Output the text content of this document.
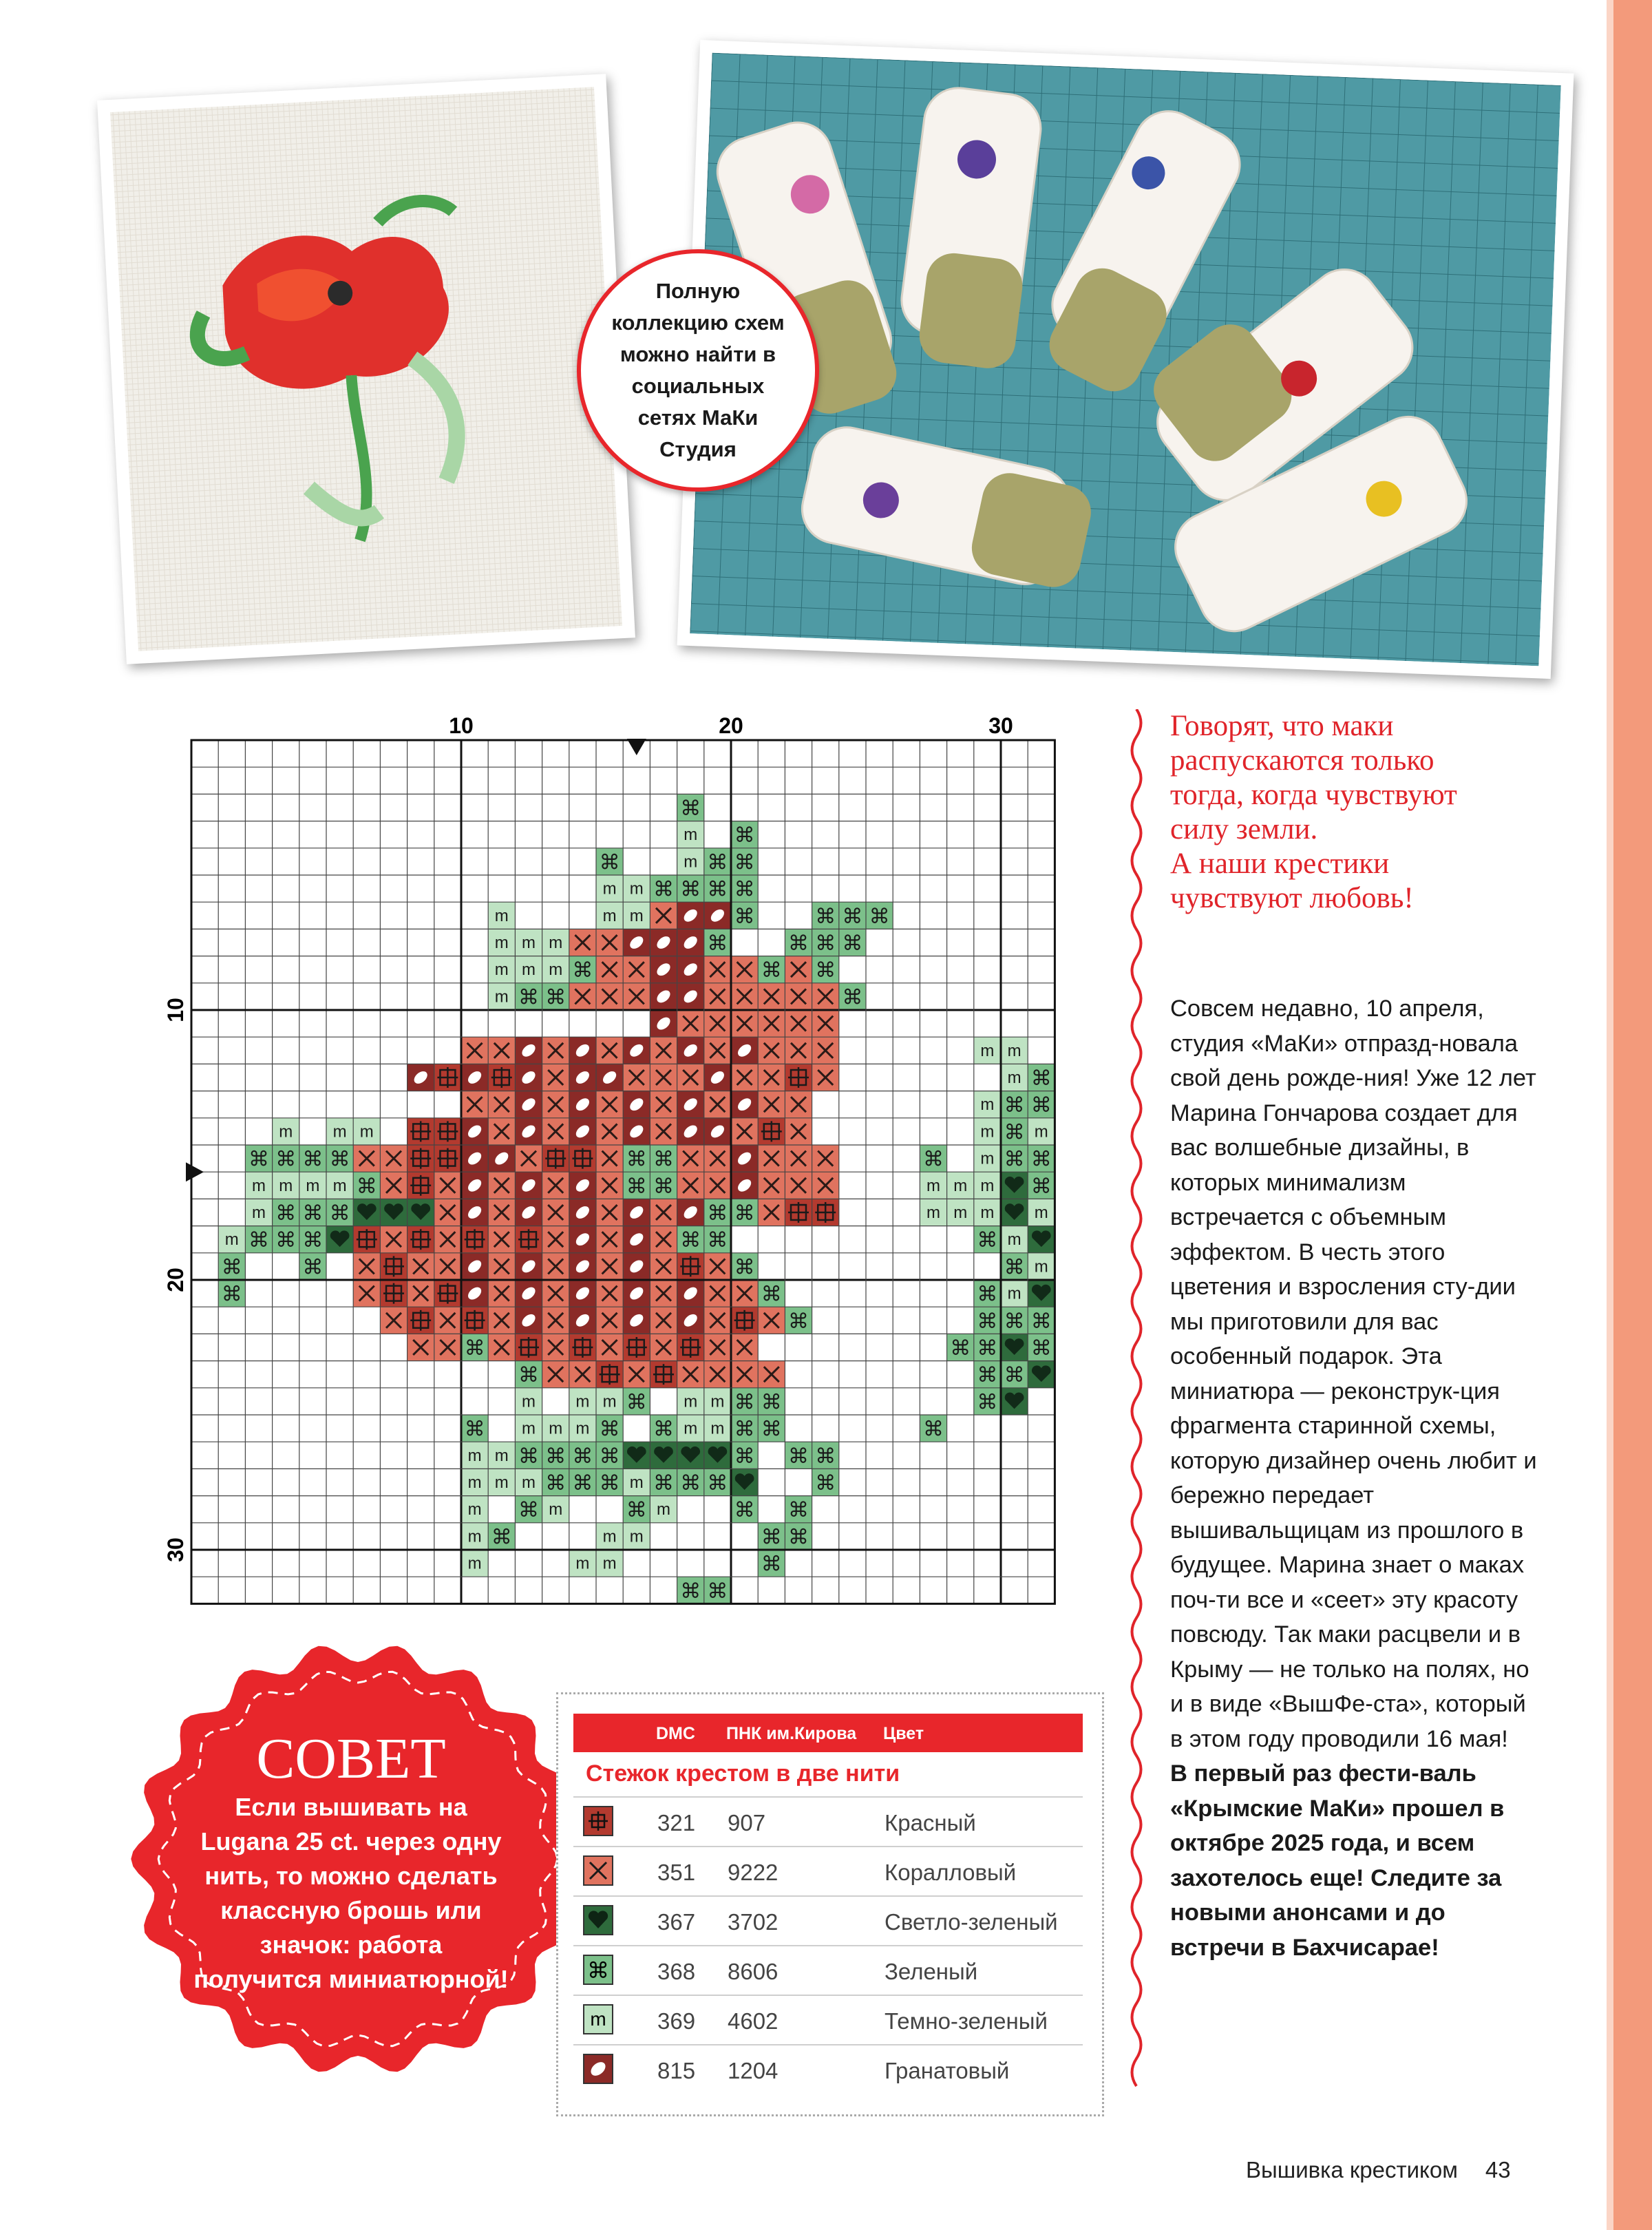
Полную коллекцию схем можно найти в социальных сетях МаКи Студия
⌘
m ⌘
⌘	m ⌘ ⌘
m m ⌘ ⌘ ⌘ ⌘
m	m m	⌘	⌘ ⌘ ⌘
m m m	⌘	⌘ ⌘ ⌘
m m m ⌘	⌘ ⌘
m ⌘ ⌘	⌘
m m
m ⌘
m ⌘ ⌘
m m m	m ⌘ m
⌘ ⌘ ⌘ ⌘	⌘ ⌘	⌘ m ⌘ ⌘
m m m m ⌘	⌘ ⌘	m m m ⌘
m ⌘ ⌘ ⌘	⌘ ⌘	m m m m
m ⌘ ⌘ ⌘	⌘ ⌘	⌘ m
⌘	⌘	⌘	⌘ m
⌘	⌘	⌘ m
⌘	⌘ ⌘ ⌘
⌘	⌘ ⌘ ⌘
⌘	⌘ ⌘
m m m ⌘ m m ⌘ ⌘	⌘
⌘ m m m ⌘ ⌘ m m ⌘ ⌘	⌘
m m ⌘ ⌘ ⌘ ⌘	⌘ ⌘ ⌘
m m m ⌘ ⌘ ⌘ m ⌘ ⌘ ⌘	⌘
m ⌘ m	⌘ m	⌘ ⌘
m ⌘	m m	⌘ ⌘
m	m m	⌘
⌘ ⌘
10	20	30
10
20
30
Говорят, что маки распускаются только тогда, когда чувствуют силу земли.
А наши крестики чувствуют любовь!

Совсем недавно, 10 апреля, студия «МаКи» отпразд-новала свой день рожде-ния! Уже 12 лет Марина Гончарова создает для вас волшебные дизайны, в которых минимализм встречается с объемным эффектом. В честь этого цветения и взросления сту-дии мы приготовили для вас особенный подарок. Эта миниатюра — реконструк-ция фрагмента старинной схемы, которую дизайнер очень любит и бережно передает вышивальщицам из прошлого в будущее. Марина знает о маках поч-ти все и «сеет» эту красоту повсюду. Так маки расцвели и в Крыму — не только на полях, но и в виде «ВышФе-ста», который в этом году проводили 16 мая!

В первый раз фести-валь «Крымские МаКи» прошел в октябре 2025 года, и всем захотелось еще! Следите за новыми анонсами и до встречи в Бахчисарае!

СОВЕТ
Если вышивать на Lugana 25 ct. через одну нить, то можно сделать классную брошь или значок: работа получится миниатюрной!
DMC ПНК им.Кирова Цвет
Стежок крестом в две нити
321 907	Красный
351 9222	Коралловый
367 3702	Светло-зеленый
⌘ 368 8606	Зеленый
m 369 4602	Темно-зеленый
815 1204	Гранатовый
Вышивка крестиком 43
